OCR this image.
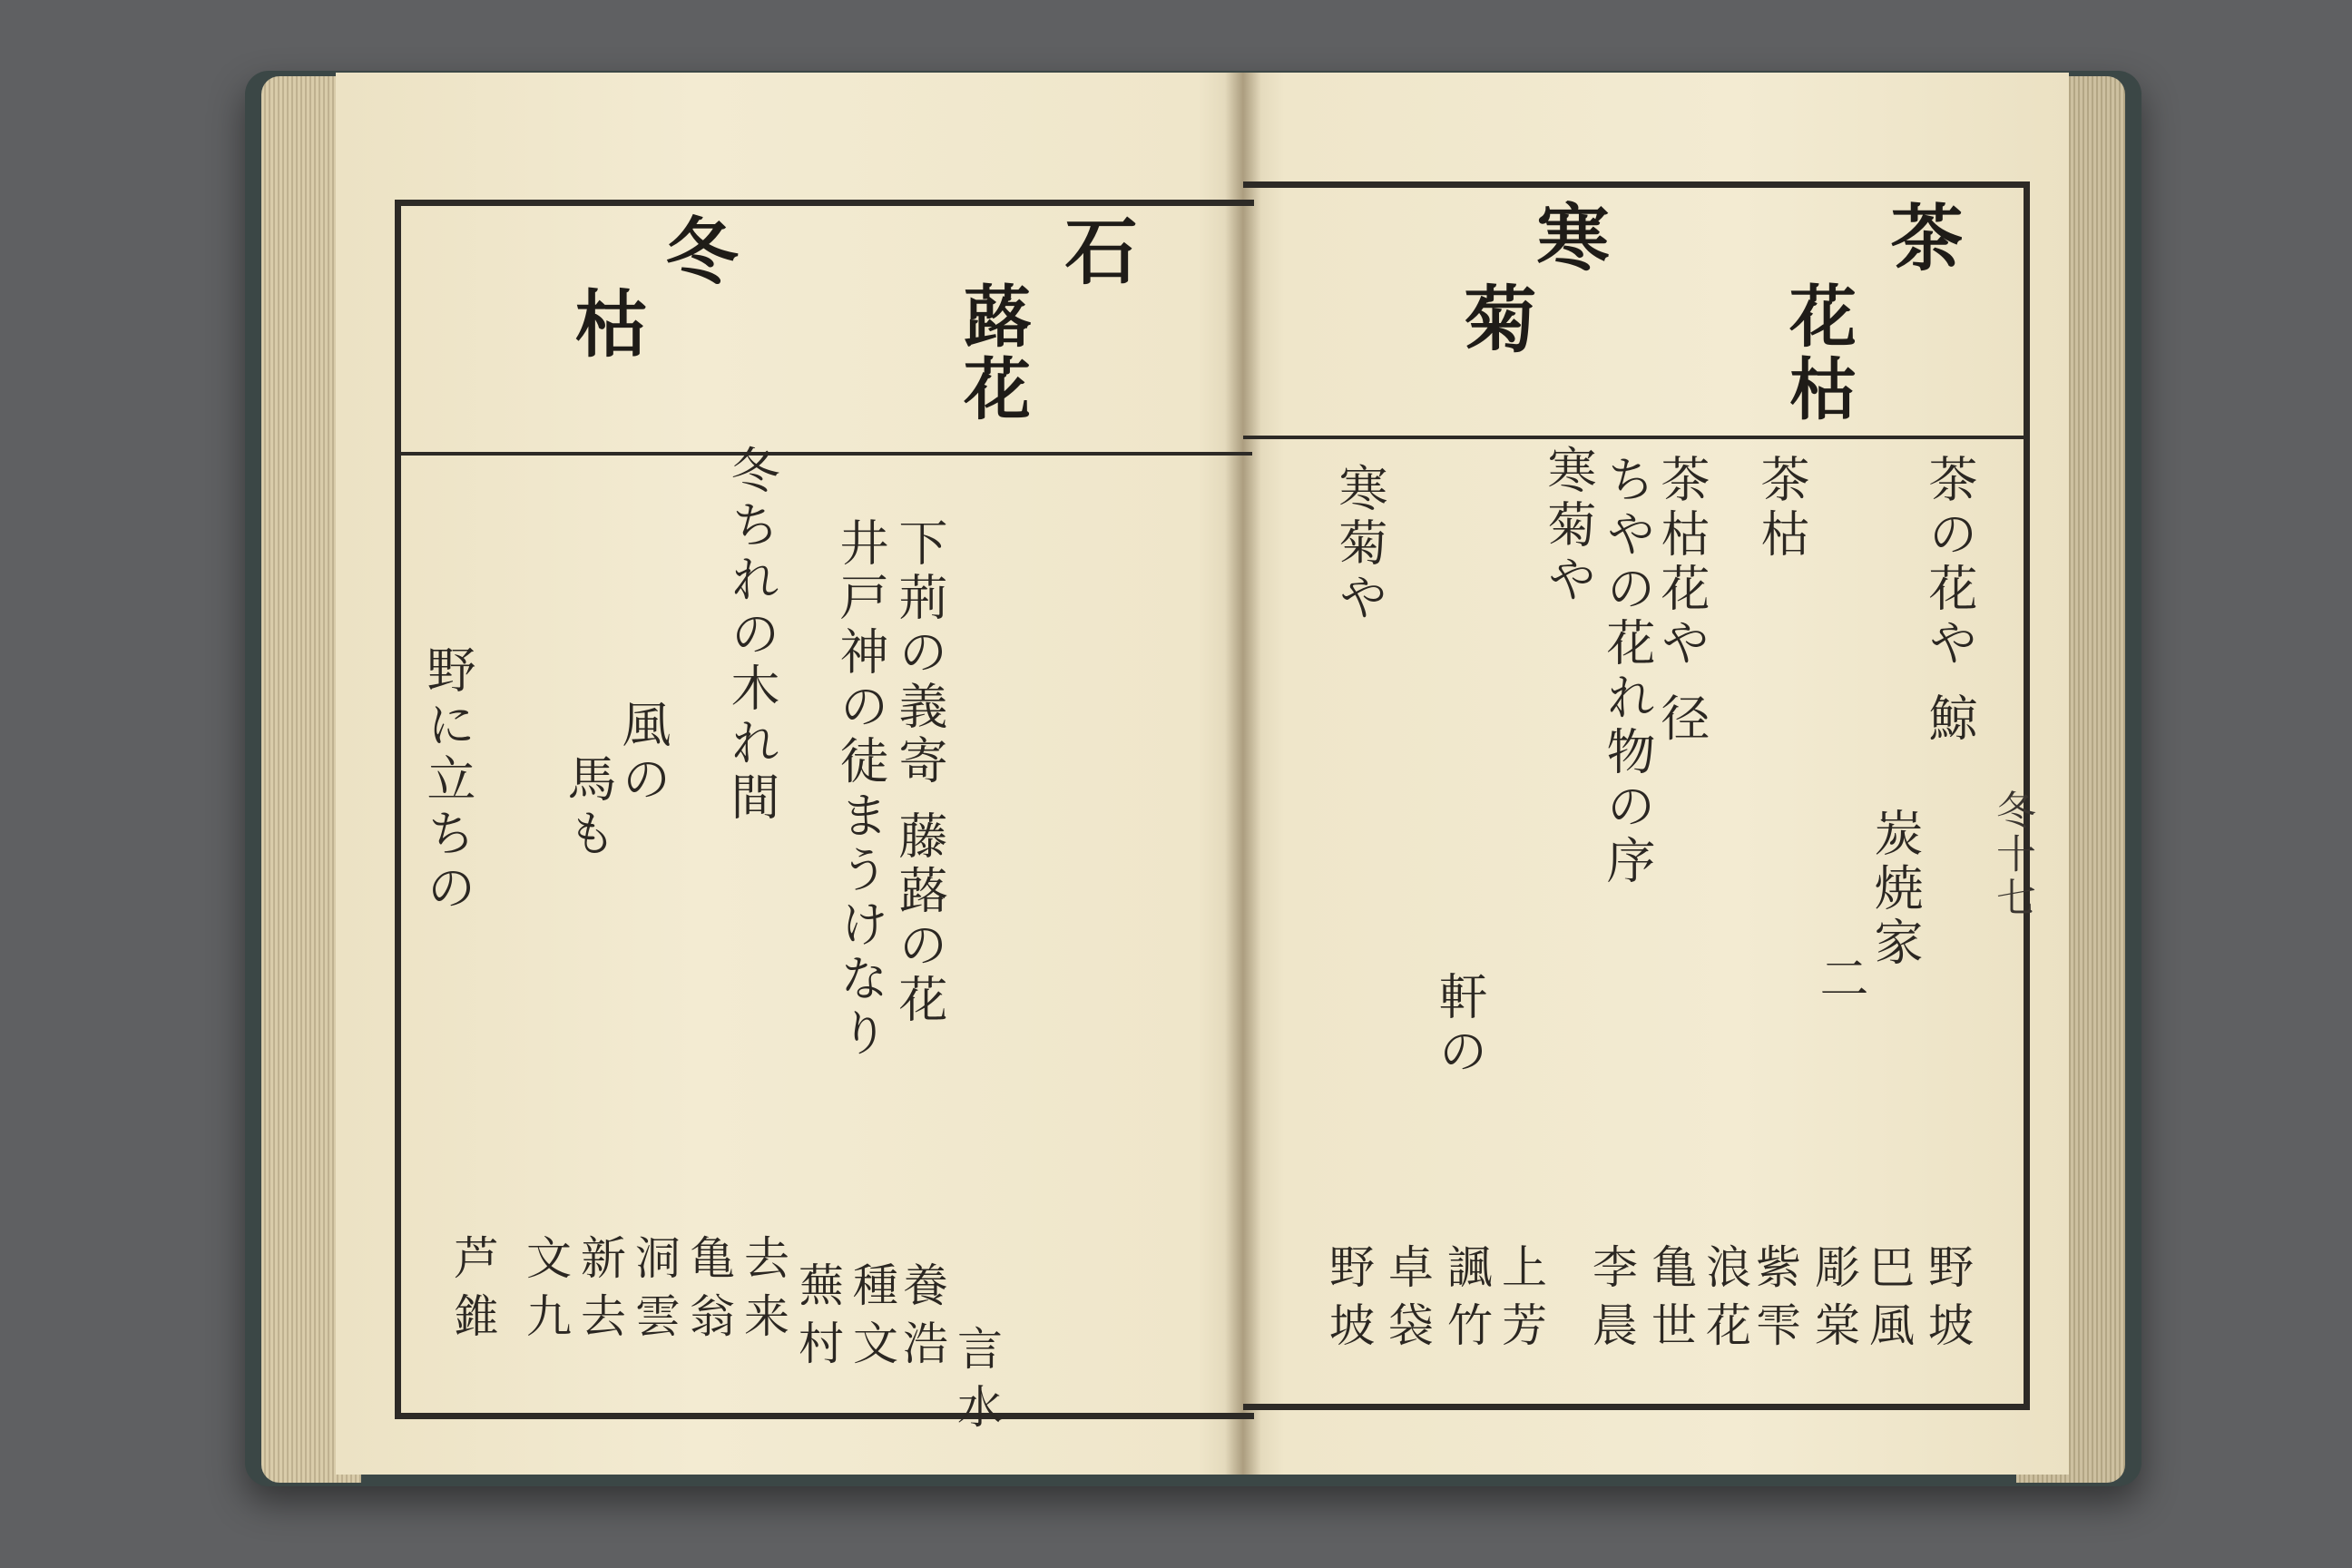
石
蕗花
冬
枯
下荊の義寄 藤蕗の花
井戸神の徒まうけなり
冬ちれの木れ間
風の
馬も
野に立ちの
言水
養浩
種文
蕪村
去来
亀翁
洞雲
新去
文九
芦錐
茶
花枯
寒
菊
茶の花や 鯨
炭焼家
二
茶枯
茶枯花や 径
ちやの花れ物の序
寒菊や
軒の
寒菊や
野坡
巴風
彫棠
紫雫
浪花
亀世
李晨
上芳
諷竹
卓袋
野坡
冬十七
